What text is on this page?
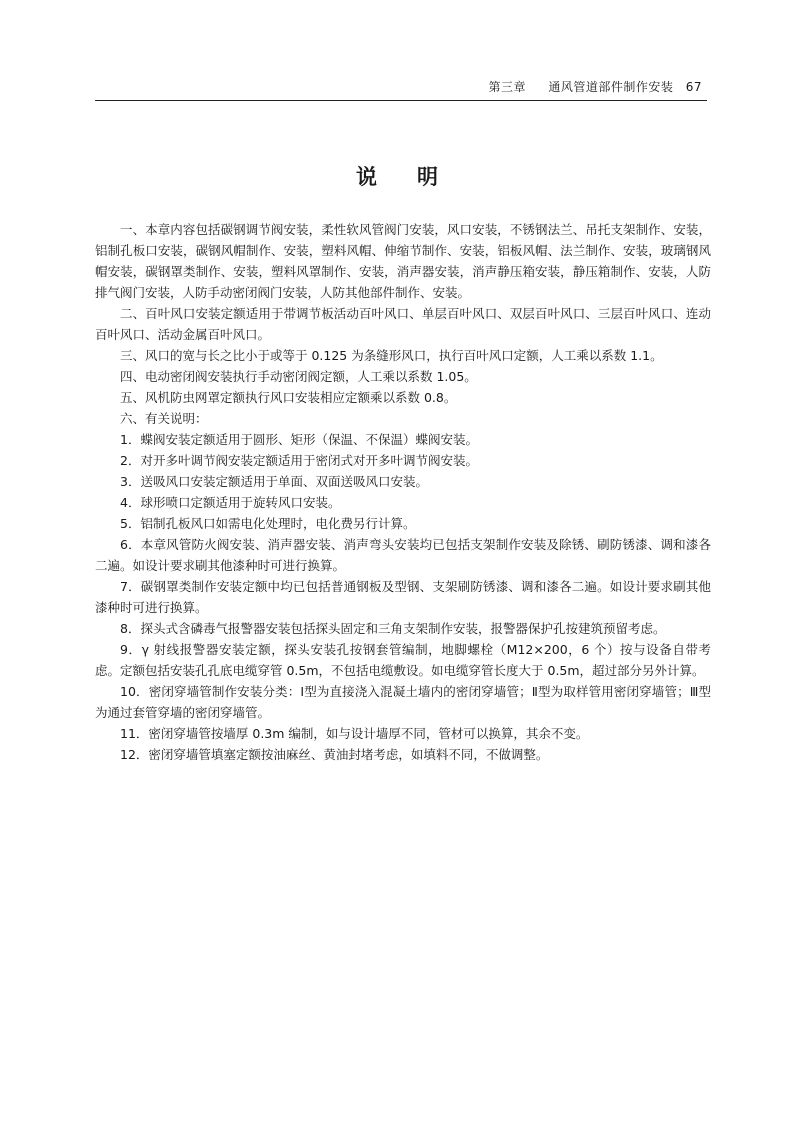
第三章 通风管道部件制作安装 67
说明

一、本章内容包括碳钢调节阀安装，柔性软风管阀门安装，风口安装，不锈钢法兰、吊托支架制作、安装，铝制孔板口安装，碳钢风帽制作、安装，塑料风帽、伸缩节制作、安装，铝板风帽、法兰制作、安装，玻璃钢风帽安装，碳钢罩类制作、安装，塑料风罩制作、安装，消声器安装，消声静压箱安装，静压箱制作、安装，人防排气阀门安装，人防手动密闭阀门安装，人防其他部件制作、安装。

二、百叶风口安装定额适用于带调节板活动百叶风口、单层百叶风口、双层百叶风口、三层百叶风口、连动百叶风口、活动金属百叶风口。

三、风口的宽与长之比小于或等于 0.125 为条缝形风口，执行百叶风口定额，人工乘以系数 1.1。

四、电动密闭阀安装执行手动密闭阀定额，人工乘以系数 1.05。

五、风机防虫网罩定额执行风口安装相应定额乘以系数 0.8。

六、有关说明：

1．蝶阀安装定额适用于圆形、矩形（保温、不保温）蝶阀安装。

2．对开多叶调节阀安装定额适用于密闭式对开多叶调节阀安装。

3．送吸风口安装定额适用于单面、双面送吸风口安装。

4．球形喷口定额适用于旋转风口安装。

5．铝制孔板风口如需电化处理时，电化费另行计算。

6．本章风管防火阀安装、消声器安装、消声弯头安装均已包括支架制作安装及除锈、刷防锈漆、调和漆各二遍。如设计要求刷其他漆种时可进行换算。

7．碳钢罩类制作安装定额中均已包括普通钢板及型钢、支架刷防锈漆、调和漆各二遍。如设计要求刷其他漆种时可进行换算。

8．探头式含磷毒气报警器安装包括探头固定和三角支架制作安装，报警器保护孔按建筑预留考虑。

9．γ 射线报警器安装定额，探头安装孔按钢套管编制，地脚螺栓（M12×200，6 个）按与设备自带考虑。定额包括安装孔孔底电缆穿管 0.5m，不包括电缆敷设。如电缆穿管长度大于 0.5m，超过部分另外计算。

10．密闭穿墙管制作安装分类：Ⅰ型为直接浇入混凝土墙内的密闭穿墙管；Ⅱ型为取样管用密闭穿墙管；Ⅲ型为通过套管穿墙的密闭穿墙管。

11．密闭穿墙管按墙厚 0.3m 编制，如与设计墙厚不同，管材可以换算，其余不变。

12．密闭穿墙管填塞定额按油麻丝、黄油封堵考虑，如填料不同，不做调整。
